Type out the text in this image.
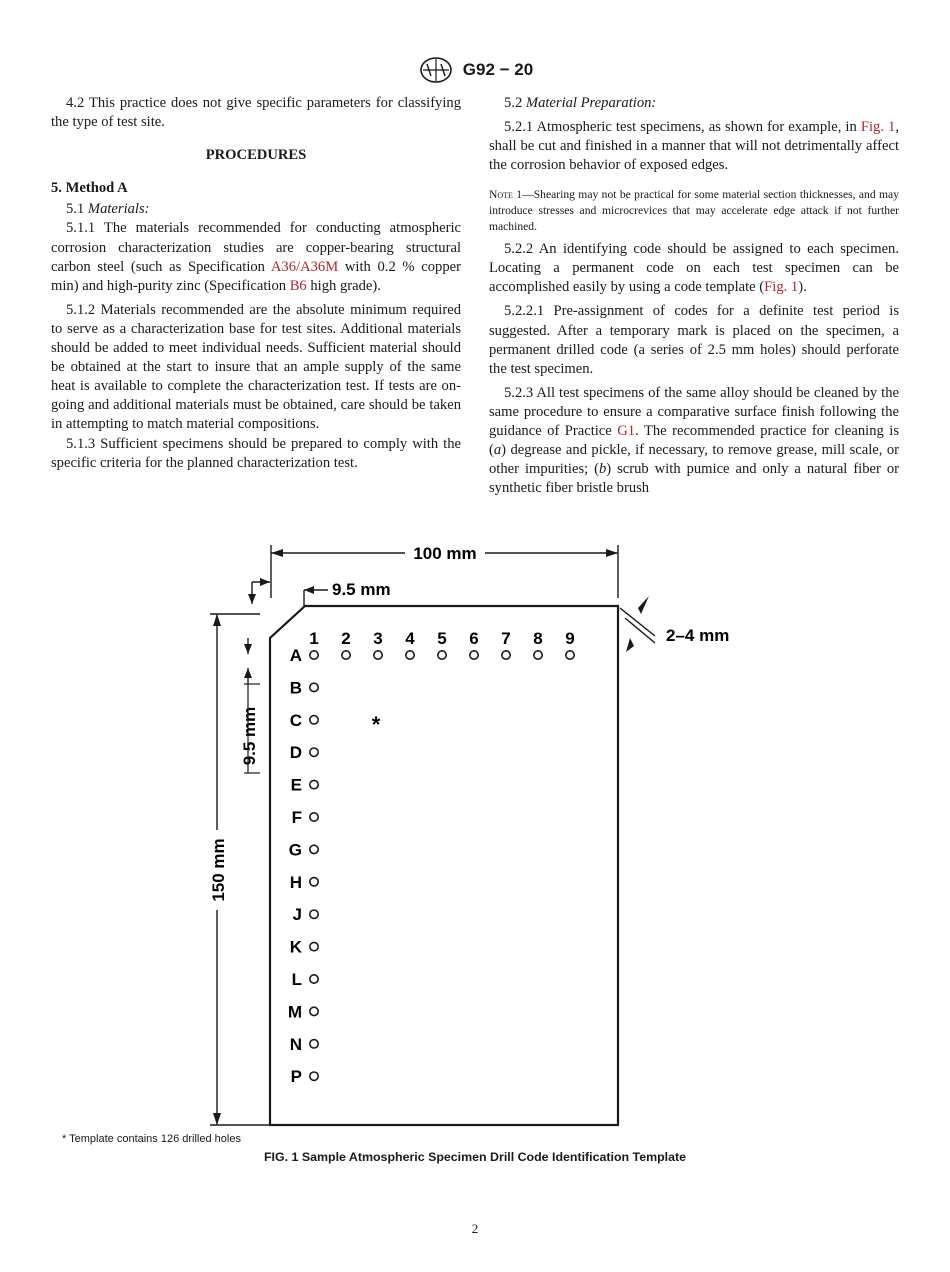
G92 − 20

4.2 This practice does not give specific parameters for classifying the type of test site.

PROCEDURES

5. Method A

5.1 Materials:

5.1.1 The materials recommended for conducting atmospheric corrosion characterization studies are copper-bearing structural carbon steel (such as Specification A36/A36M with 0.2 % copper min) and high-purity zinc (Specification B6 high grade).

5.1.2 Materials recommended are the absolute minimum required to serve as a characterization base for test sites. Additional materials should be added to meet individual needs. Sufficient material should be obtained at the start to insure that an ample supply of the same heat is available to complete the characterization test. If tests are on-going and additional materials must be obtained, care should be taken in attempting to match material compositions.

5.1.3 Sufficient specimens should be prepared to comply with the specific criteria for the planned characterization test.

5.2 Material Preparation:

5.2.1 Atmospheric test specimens, as shown for example, in Fig. 1, shall be cut and finished in a manner that will not detrimentally affect the corrosion behavior of exposed edges.

Note 1—Shearing may not be practical for some material section thicknesses, and may introduce stresses and microcrevices that may accelerate edge attack if not further machined.

5.2.2 An identifying code should be assigned to each specimen. Locating a permanent code on each test specimen can be accomplished easily by using a code template (Fig. 1).

5.2.2.1 Pre-assignment of codes for a definite test period is suggested. After a temporary mark is placed on the specimen, a permanent drilled code (a series of 2.5 mm holes) should perforate the test specimen.

5.2.3 All test specimens of the same alloy should be cleaned by the same procedure to ensure a comparative surface finish following the guidance of Practice G1. The recommended practice for cleaning is (a) degrease and pickle, if necessary, to remove grease, mill scale, or other impurities; (b) scrub with pumice and only a natural fiber or synthetic fiber bristle brush

100 mm
9.5 mm
2–4 mm
150 mm
9.5 mm
1 2 3 4 5 6 7 8 9
A
B
C
D
E
F
G
H
J
K
L
M
N
P
*
* Template contains 126 drilled holes
FIG. 1 Sample Atmospheric Specimen Drill Code Identification Template
2
